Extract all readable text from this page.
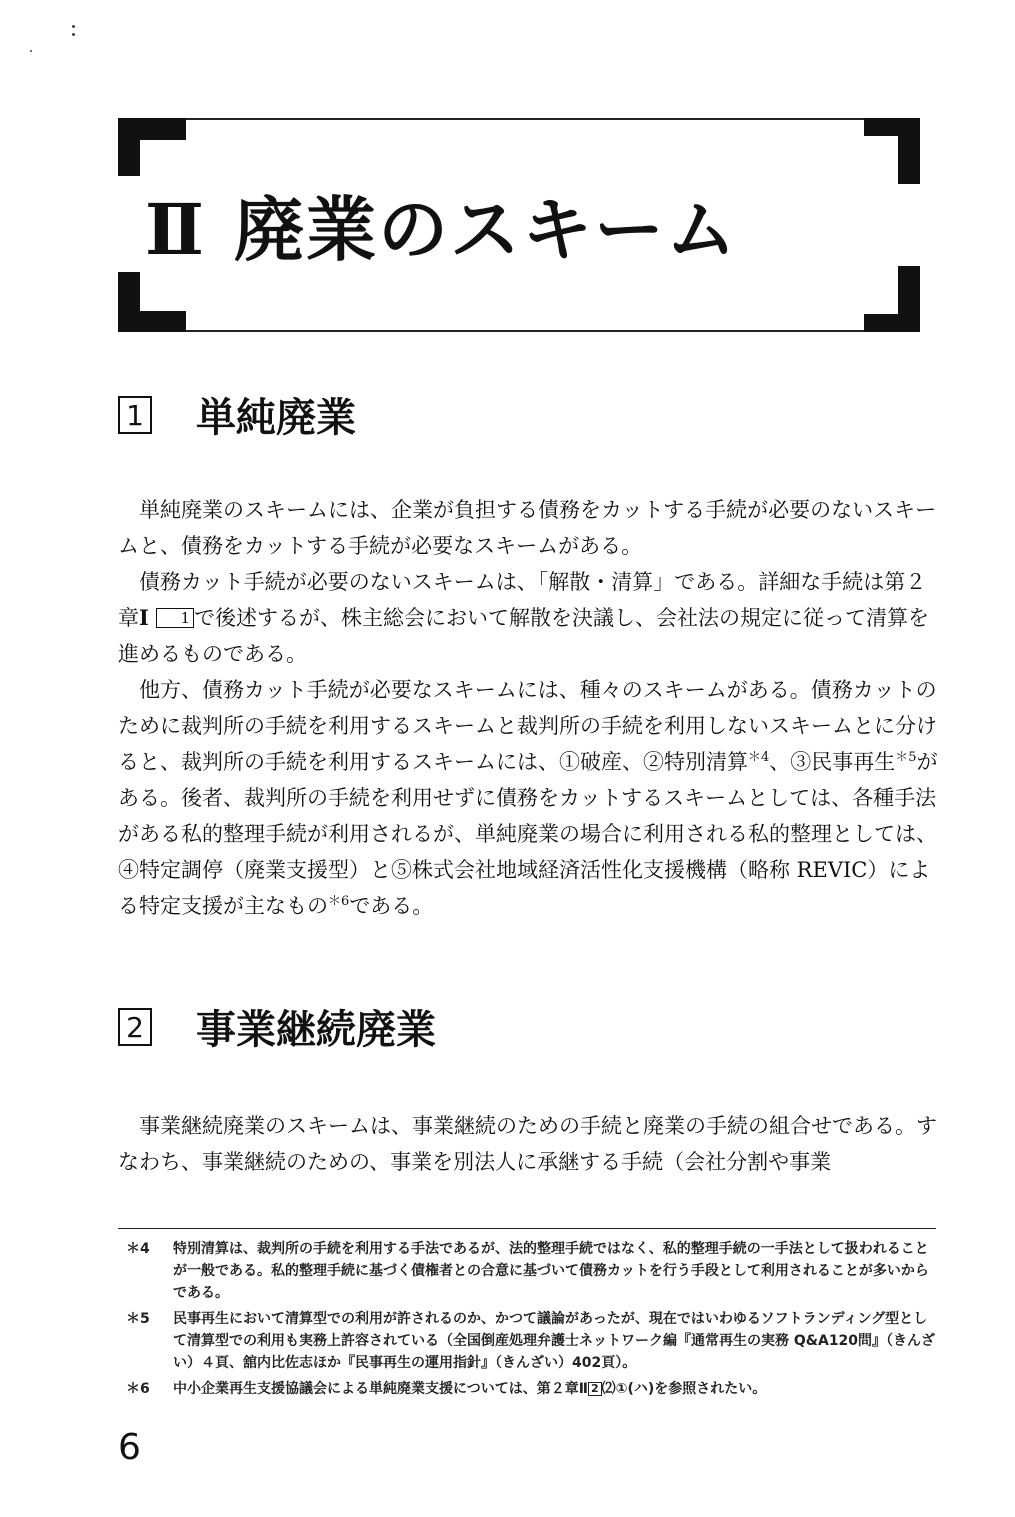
Ⅱ 廃業のスキーム
1 単純廃業

単純廃業のスキームには、企業が負担する債務をカットする手続が必要のないスキームと、債務をカットする手続が必要なスキームがある。

債務カット手続が必要のないスキームは、「解散・清算」である。詳細な手続は第２章Ⅰ 1 で後述するが、株主総会において解散を決議し、会社法の規定に従って清算を進めるものである。

他方、債務カット手続が必要なスキームには、種々のスキームがある。債務カットのために裁判所の手続を利用するスキームと裁判所の手続を利用しないスキームとに分けると、裁判所の手続を利用するスキームには、①破産、②特別清算$^{*4}$、③民事再生$^{*5}$がある。後者、裁判所の手続を利用せずに債務をカットするスキームとしては、各種手法がある私的整理手続が利用されるが、単純廃業の場合に利用される私的整理としては、④特定調停（廃業支援型）と⑤株式会社地域経済活性化支援機構（略称 REVIC）による特定支援が主なもの$^{*6}$である。

2 事業継続廃業

事業継続廃業のスキームは、事業継続のための手続と廃業の手続の組合せである。すなわち、事業継続のための、事業を別法人に承継する手続（会社分割や事業

＊4 特別清算は、裁判所の手続を利用する手法であるが、法的整理手続ではなく、私的整理手続の一手法として扱われることが一般である。私的整理手続に基づく債権者との合意に基づいて債務カットを行う手段として利用されることが多いからである。
＊5 民事再生において清算型での利用が許されるのか、かつて議論があったが、現在ではいわゆるソフトランディング型として清算型での利用も実務上許容されている（全国倒産処理弁護士ネットワーク編『通常再生の実務 Q&A120問』（きんざい）４頁、舘内比佐志ほか『民事再生の運用指針』（きんざい）402頁）。
＊6 中小企業再生支援協議会による単純廃業支援については、第２章Ⅱ 2 ⑵①(ハ)を参照されたい。
6
